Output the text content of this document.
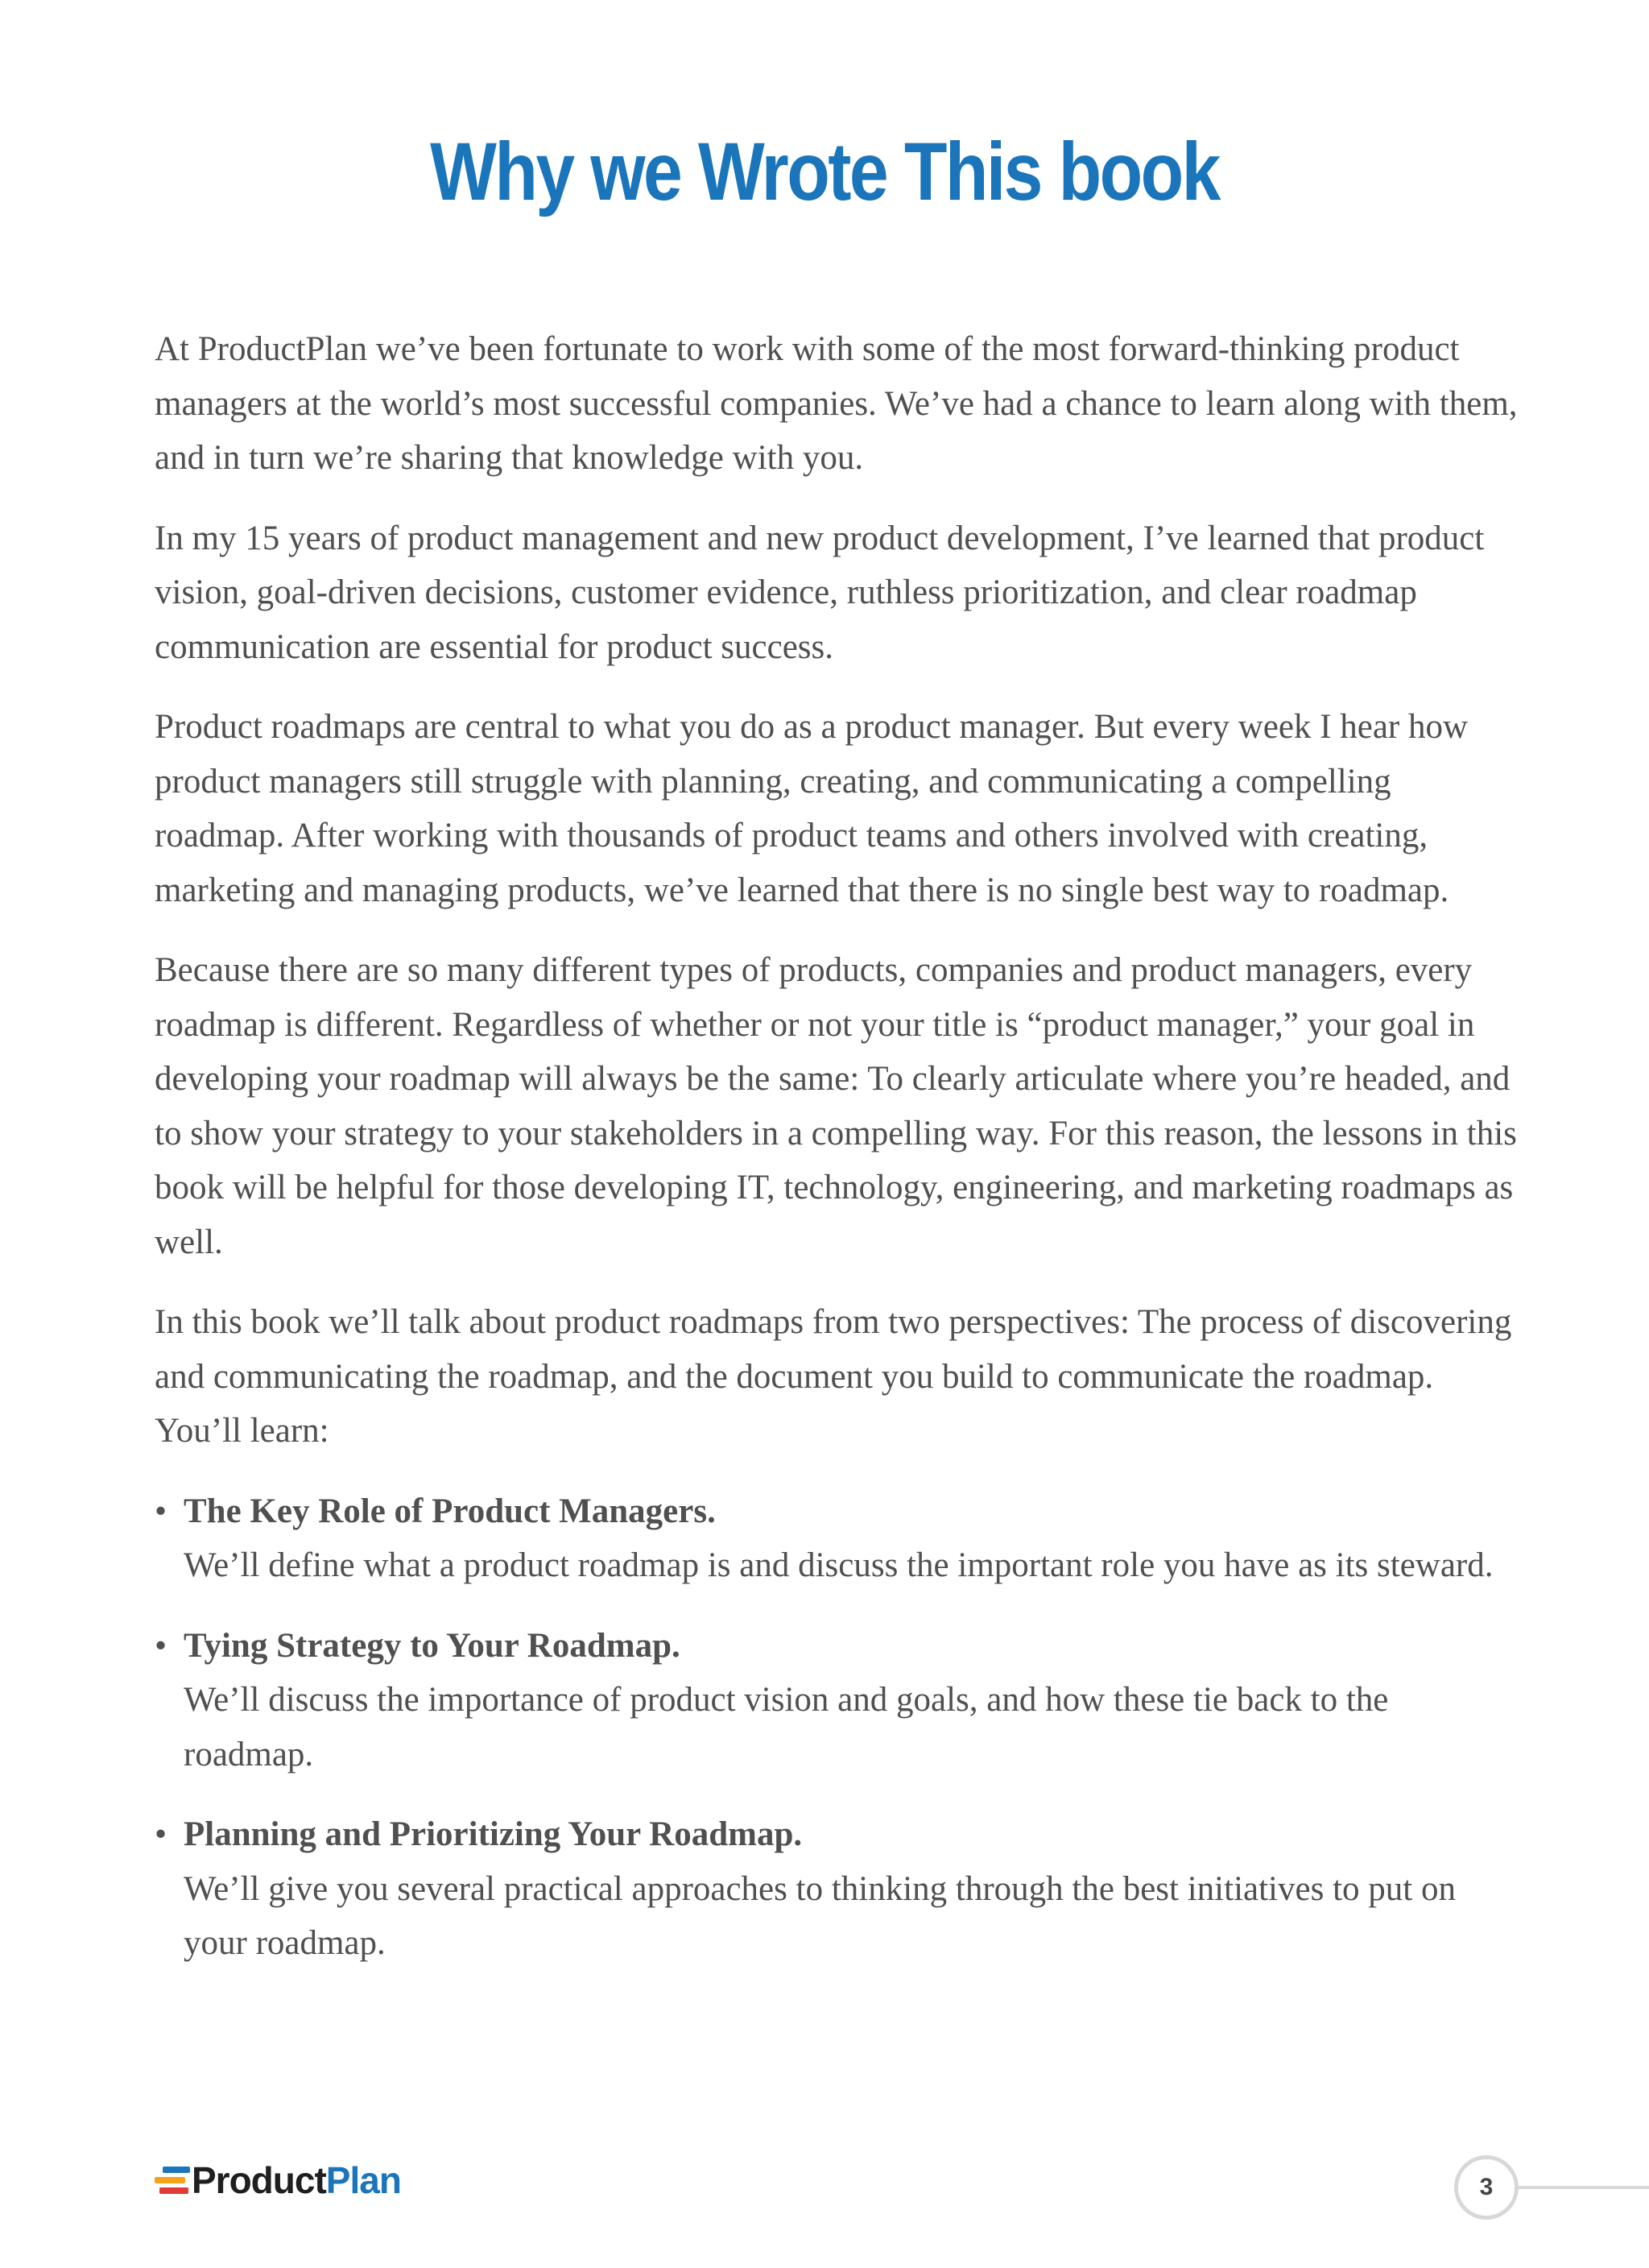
Why we Wrote This book

At ProductPlan we’ve been fortunate to work with some of the most forward-thinking product managers at the world’s most successful companies. We’ve had a chance to learn along with them, and in turn we’re sharing that knowledge with you.

In my 15 years of product management and new product development, I’ve learned that product vision, goal-driven decisions, customer evidence, ruthless prioritization, and clear roadmap communication are essential for product success.

Product roadmaps are central to what you do as a product manager. But every week I hear how product managers still struggle with planning, creating, and communicating a compelling roadmap. After working with thousands of product teams and others involved with creating, marketing and managing products, we’ve learned that there is no single best way to roadmap.

Because there are so many different types of products, companies and product managers, every roadmap is different. Regardless of whether or not your title is “product manager,” your goal in developing your roadmap will always be the same: To clearly articulate where you’re headed, and to show your strategy to your stakeholders in a compelling way. For this reason, the lessons in this book will be helpful for those developing IT, technology, engineering, and marketing roadmaps as well.

In this book we’ll talk about product roadmaps from two perspectives: The process of discovering and communicating the roadmap, and the document you build to communicate the roadmap. You’ll learn:

• The Key Role of Product Managers.
We’ll define what a product roadmap is and discuss the important role you have as its steward.
• Tying Strategy to Your Roadmap.
We’ll discuss the importance of product vision and goals, and how these tie back to the roadmap.
• Planning and Prioritizing Your Roadmap.
We’ll give you several practical approaches to thinking through the best initiatives to put on your roadmap.
ProductPlan	3
